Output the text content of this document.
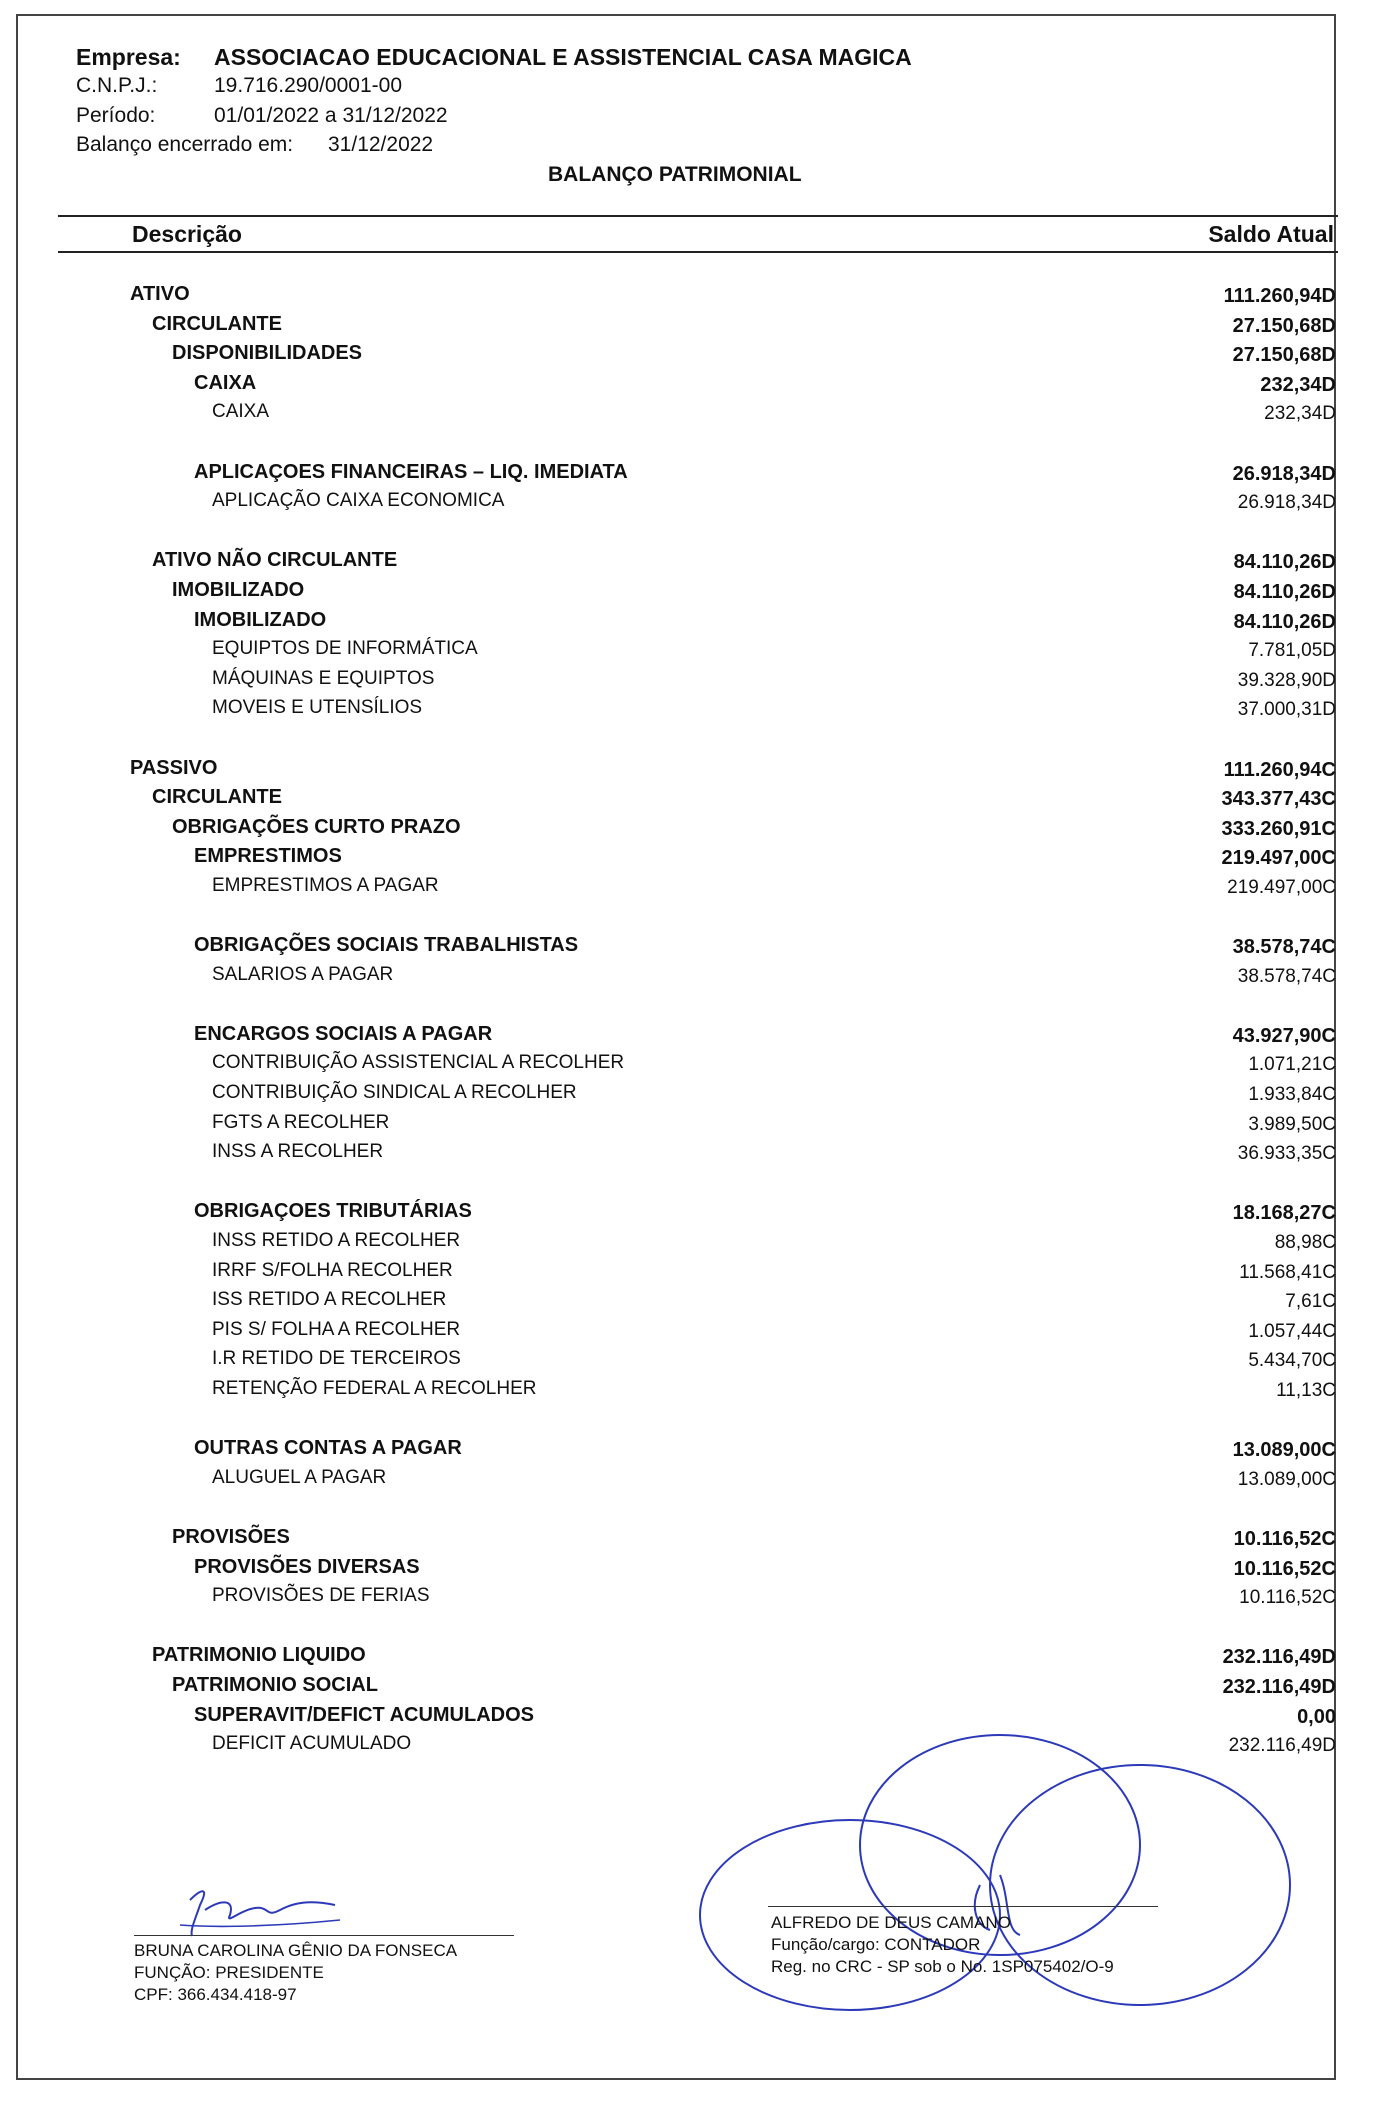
Empresa: ASSOCIACAO EDUCACIONAL E ASSISTENCIAL CASA MAGICA
C.N.P.J.:	19.716.290/0001-00
Período:	01/01/2022 a 31/12/2022
Balanço encerrado em: 31/12/2022
BALANÇO PATRIMONIAL
Descrição	Saldo Atual
ATIVO	111.260,94D
CIRCULANTE	27.150,68D
DISPONIBILIDADES	27.150,68D
CAIXA	232,34D
CAIXA	232,34D
APLICAÇOES FINANCEIRAS – LIQ. IMEDIATA	26.918,34D
APLICAÇÃO CAIXA ECONOMICA	26.918,34D
ATIVO NÃO CIRCULANTE	84.110,26D
IMOBILIZADO	84.110,26D
IMOBILIZADO	84.110,26D
EQUIPTOS DE INFORMÁTICA	7.781,05D
MÁQUINAS E EQUIPTOS	39.328,90D
MOVEIS E UTENSÍLIOS	37.000,31D
PASSIVO	111.260,94C
CIRCULANTE	343.377,43C
OBRIGAÇÕES CURTO PRAZO	333.260,91C
EMPRESTIMOS	219.497,00C
EMPRESTIMOS A PAGAR	219.497,00C
OBRIGAÇÕES SOCIAIS TRABALHISTAS	38.578,74C
SALARIOS A PAGAR	38.578,74C
ENCARGOS SOCIAIS A PAGAR	43.927,90C
CONTRIBUIÇÃO ASSISTENCIAL A RECOLHER	1.071,21C
CONTRIBUIÇÃO SINDICAL A RECOLHER	1.933,84C
FGTS A RECOLHER	3.989,50C
INSS A RECOLHER	36.933,35C
OBRIGAÇOES TRIBUTÁRIAS	18.168,27C
INSS RETIDO A RECOLHER	88,98C
IRRF S/FOLHA RECOLHER	11.568,41C
ISS RETIDO A RECOLHER	7,61C
PIS S/ FOLHA A RECOLHER	1.057,44C
I.R RETIDO DE TERCEIROS	5.434,70C
RETENÇÃO FEDERAL A RECOLHER	11,13C
OUTRAS CONTAS A PAGAR	13.089,00C
ALUGUEL A PAGAR	13.089,00C
PROVISÕES	10.116,52C
PROVISÕES DIVERSAS	10.116,52C
PROVISÕES DE FERIAS	10.116,52C
PATRIMONIO LIQUIDO	232.116,49D
PATRIMONIO SOCIAL	232.116,49D
SUPERAVIT/DEFICT ACUMULADOS	0,00
DEFICIT ACUMULADO	232.116,49D
BRUNA CAROLINA GÊNIO DA FONSECA
FUNÇÃO: PRESIDENTE
CPF: 366.434.418-97
ALFREDO DE DEUS CAMANO
Função/cargo: CONTADOR
Reg. no CRC - SP sob o No. 1SP075402/O-9
